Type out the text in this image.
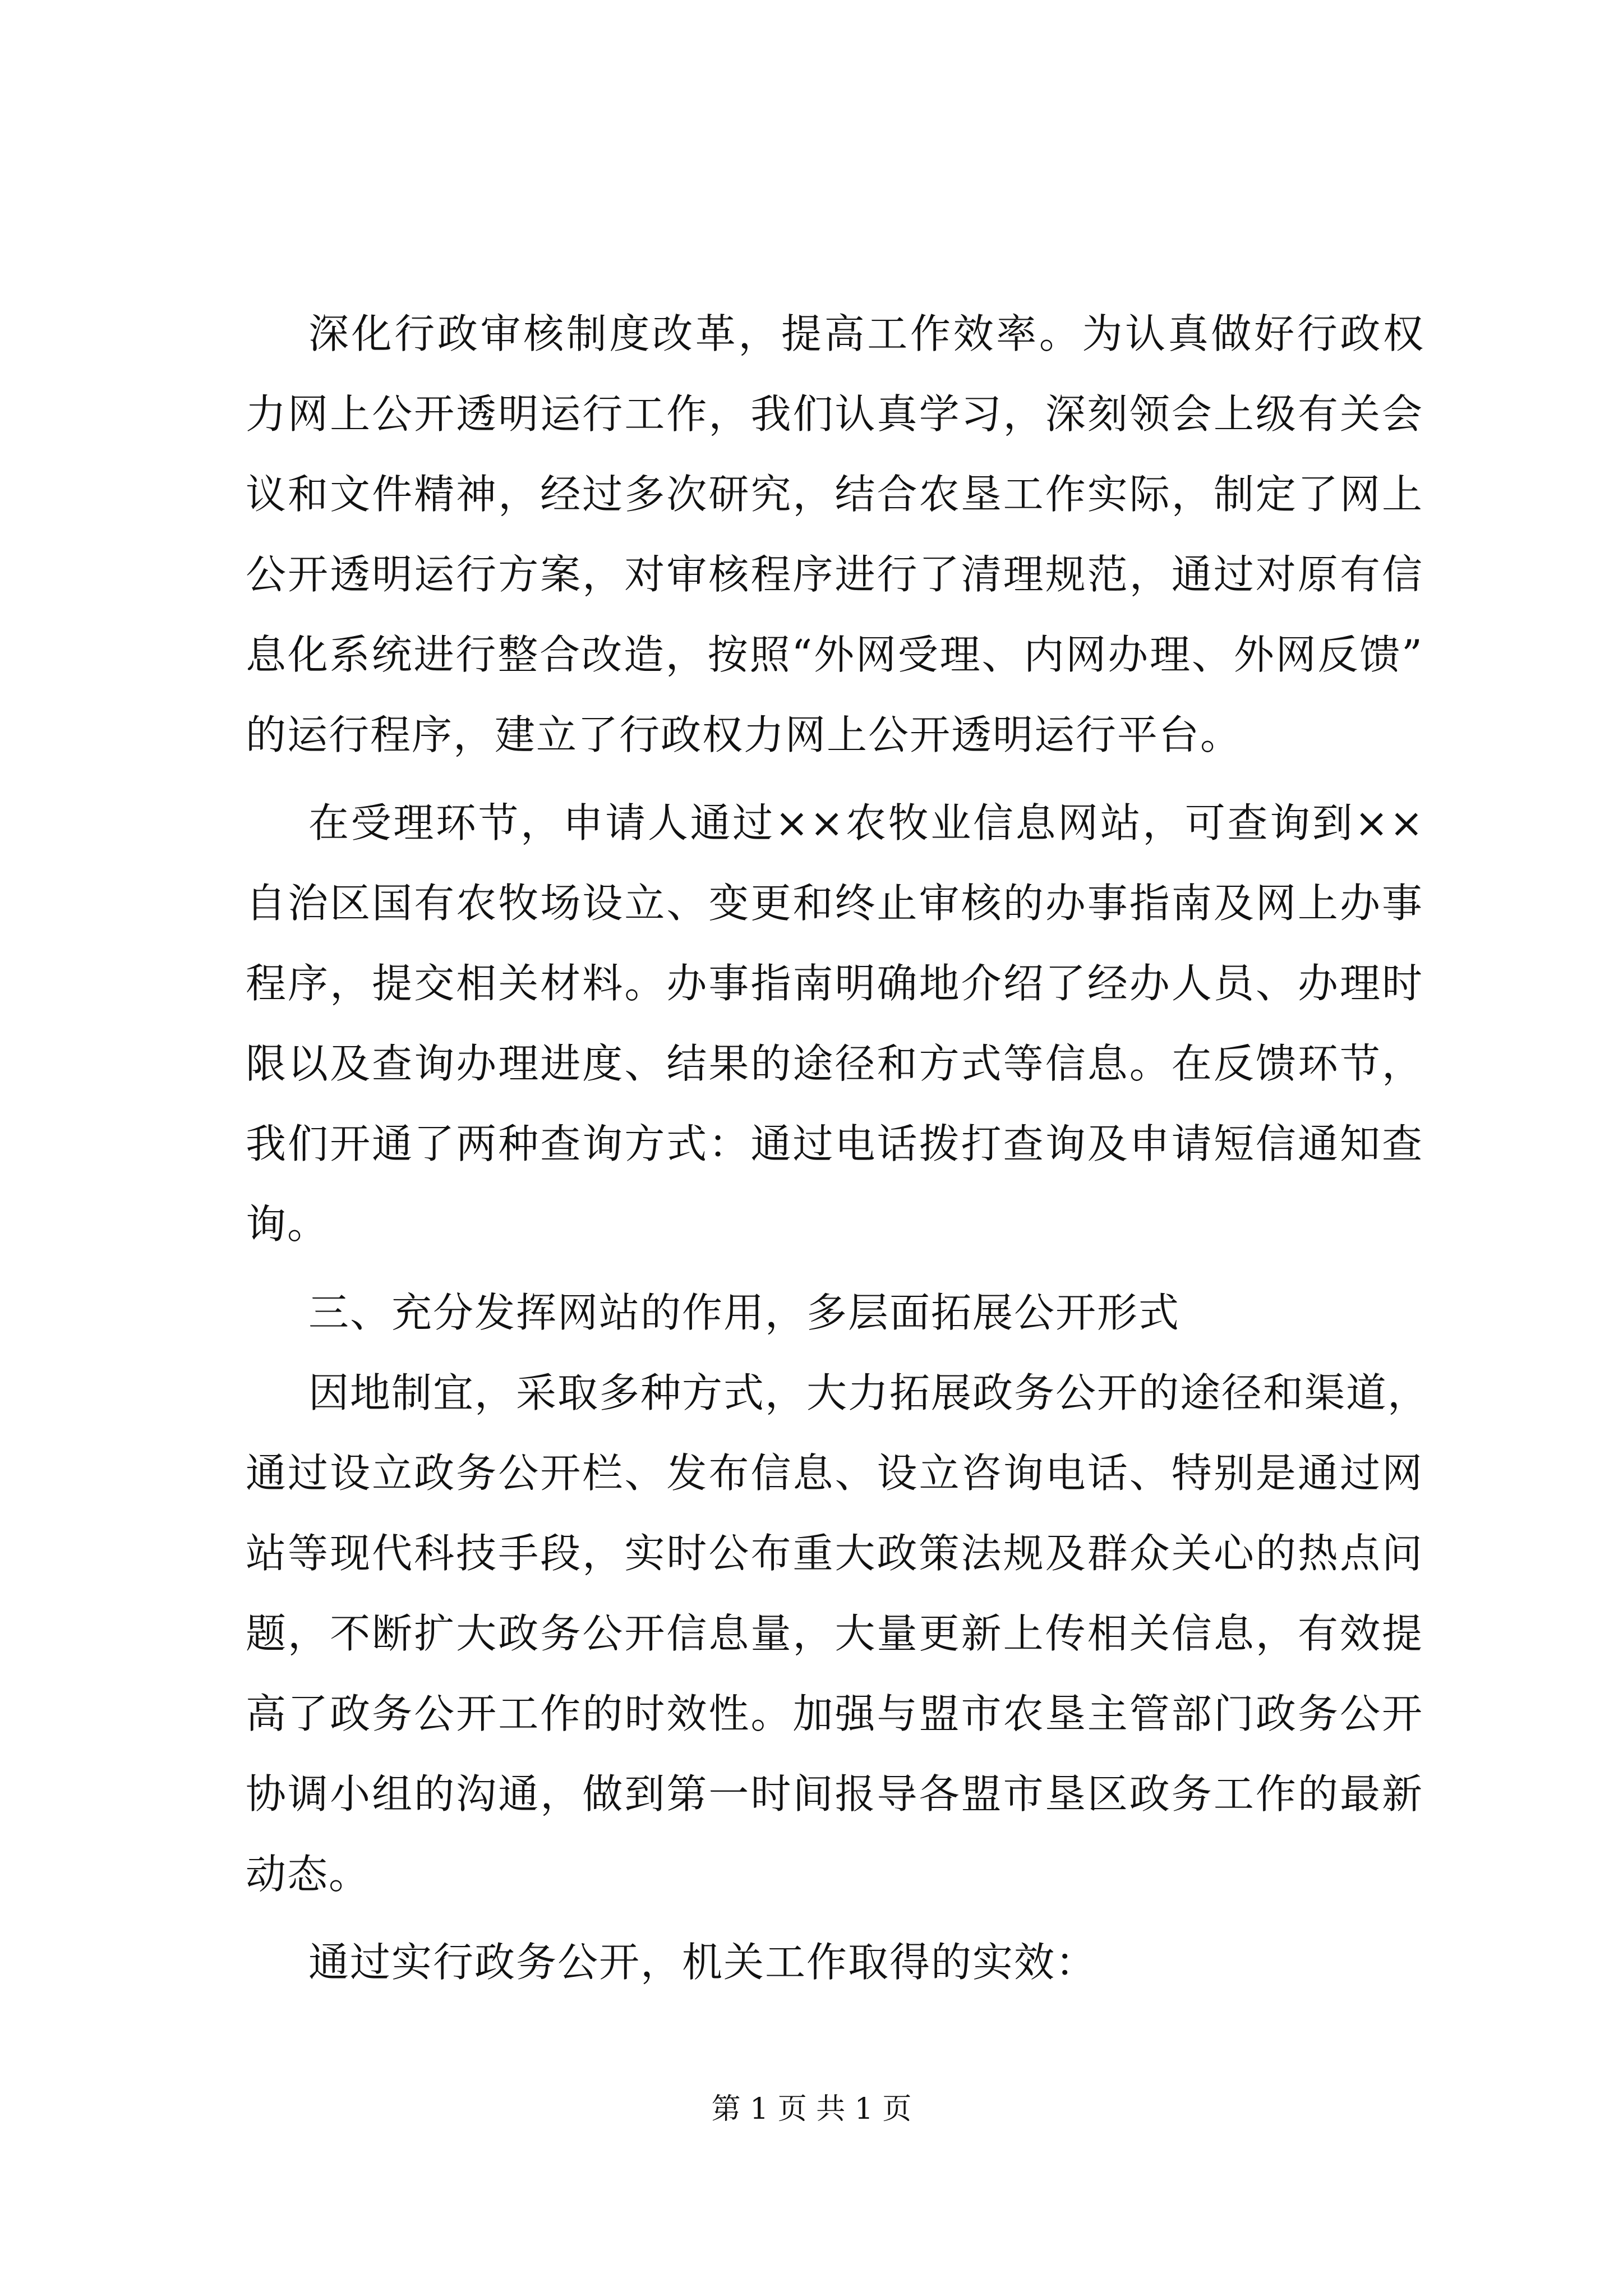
深化行政审核制度改革，提高工作效率。为认真做好行政权

力网上公开透明运行工作，我们认真学习，深刻领会上级有关会

议和文件精神，经过多次研究，结合农垦工作实际，制定了网上

公开透明运行方案，对审核程序进行了清理规范，通过对原有信

息化系统进行整合改造，按照“外网受理、内网办理、外网反馈”

的运行程序，建立了行政权力网上公开透明运行平台。

在受理环节，申请人通过××农牧业信息网站，可查询到××

自治区国有农牧场设立、变更和终止审核的办事指南及网上办事

程序，提交相关材料。办事指南明确地介绍了经办人员、办理时

限以及查询办理进度、结果的途径和方式等信息。在反馈环节，

我们开通了两种查询方式：通过电话拨打查询及申请短信通知查

询。

三、充分发挥网站的作用，多层面拓展公开形式

因地制宜，采取多种方式，大力拓展政务公开的途径和渠道，

通过设立政务公开栏、发布信息、设立咨询电话、特别是通过网

站等现代科技手段，实时公布重大政策法规及群众关心的热点问

题，不断扩大政务公开信息量，大量更新上传相关信息，有效提

高了政务公开工作的时效性。加强与盟市农垦主管部门政务公开

协调小组的沟通，做到第一时间报导各盟市垦区政务工作的最新

动态。

通过实行政务公开，机关工作取得的实效：

第 1 页 共 1 页
